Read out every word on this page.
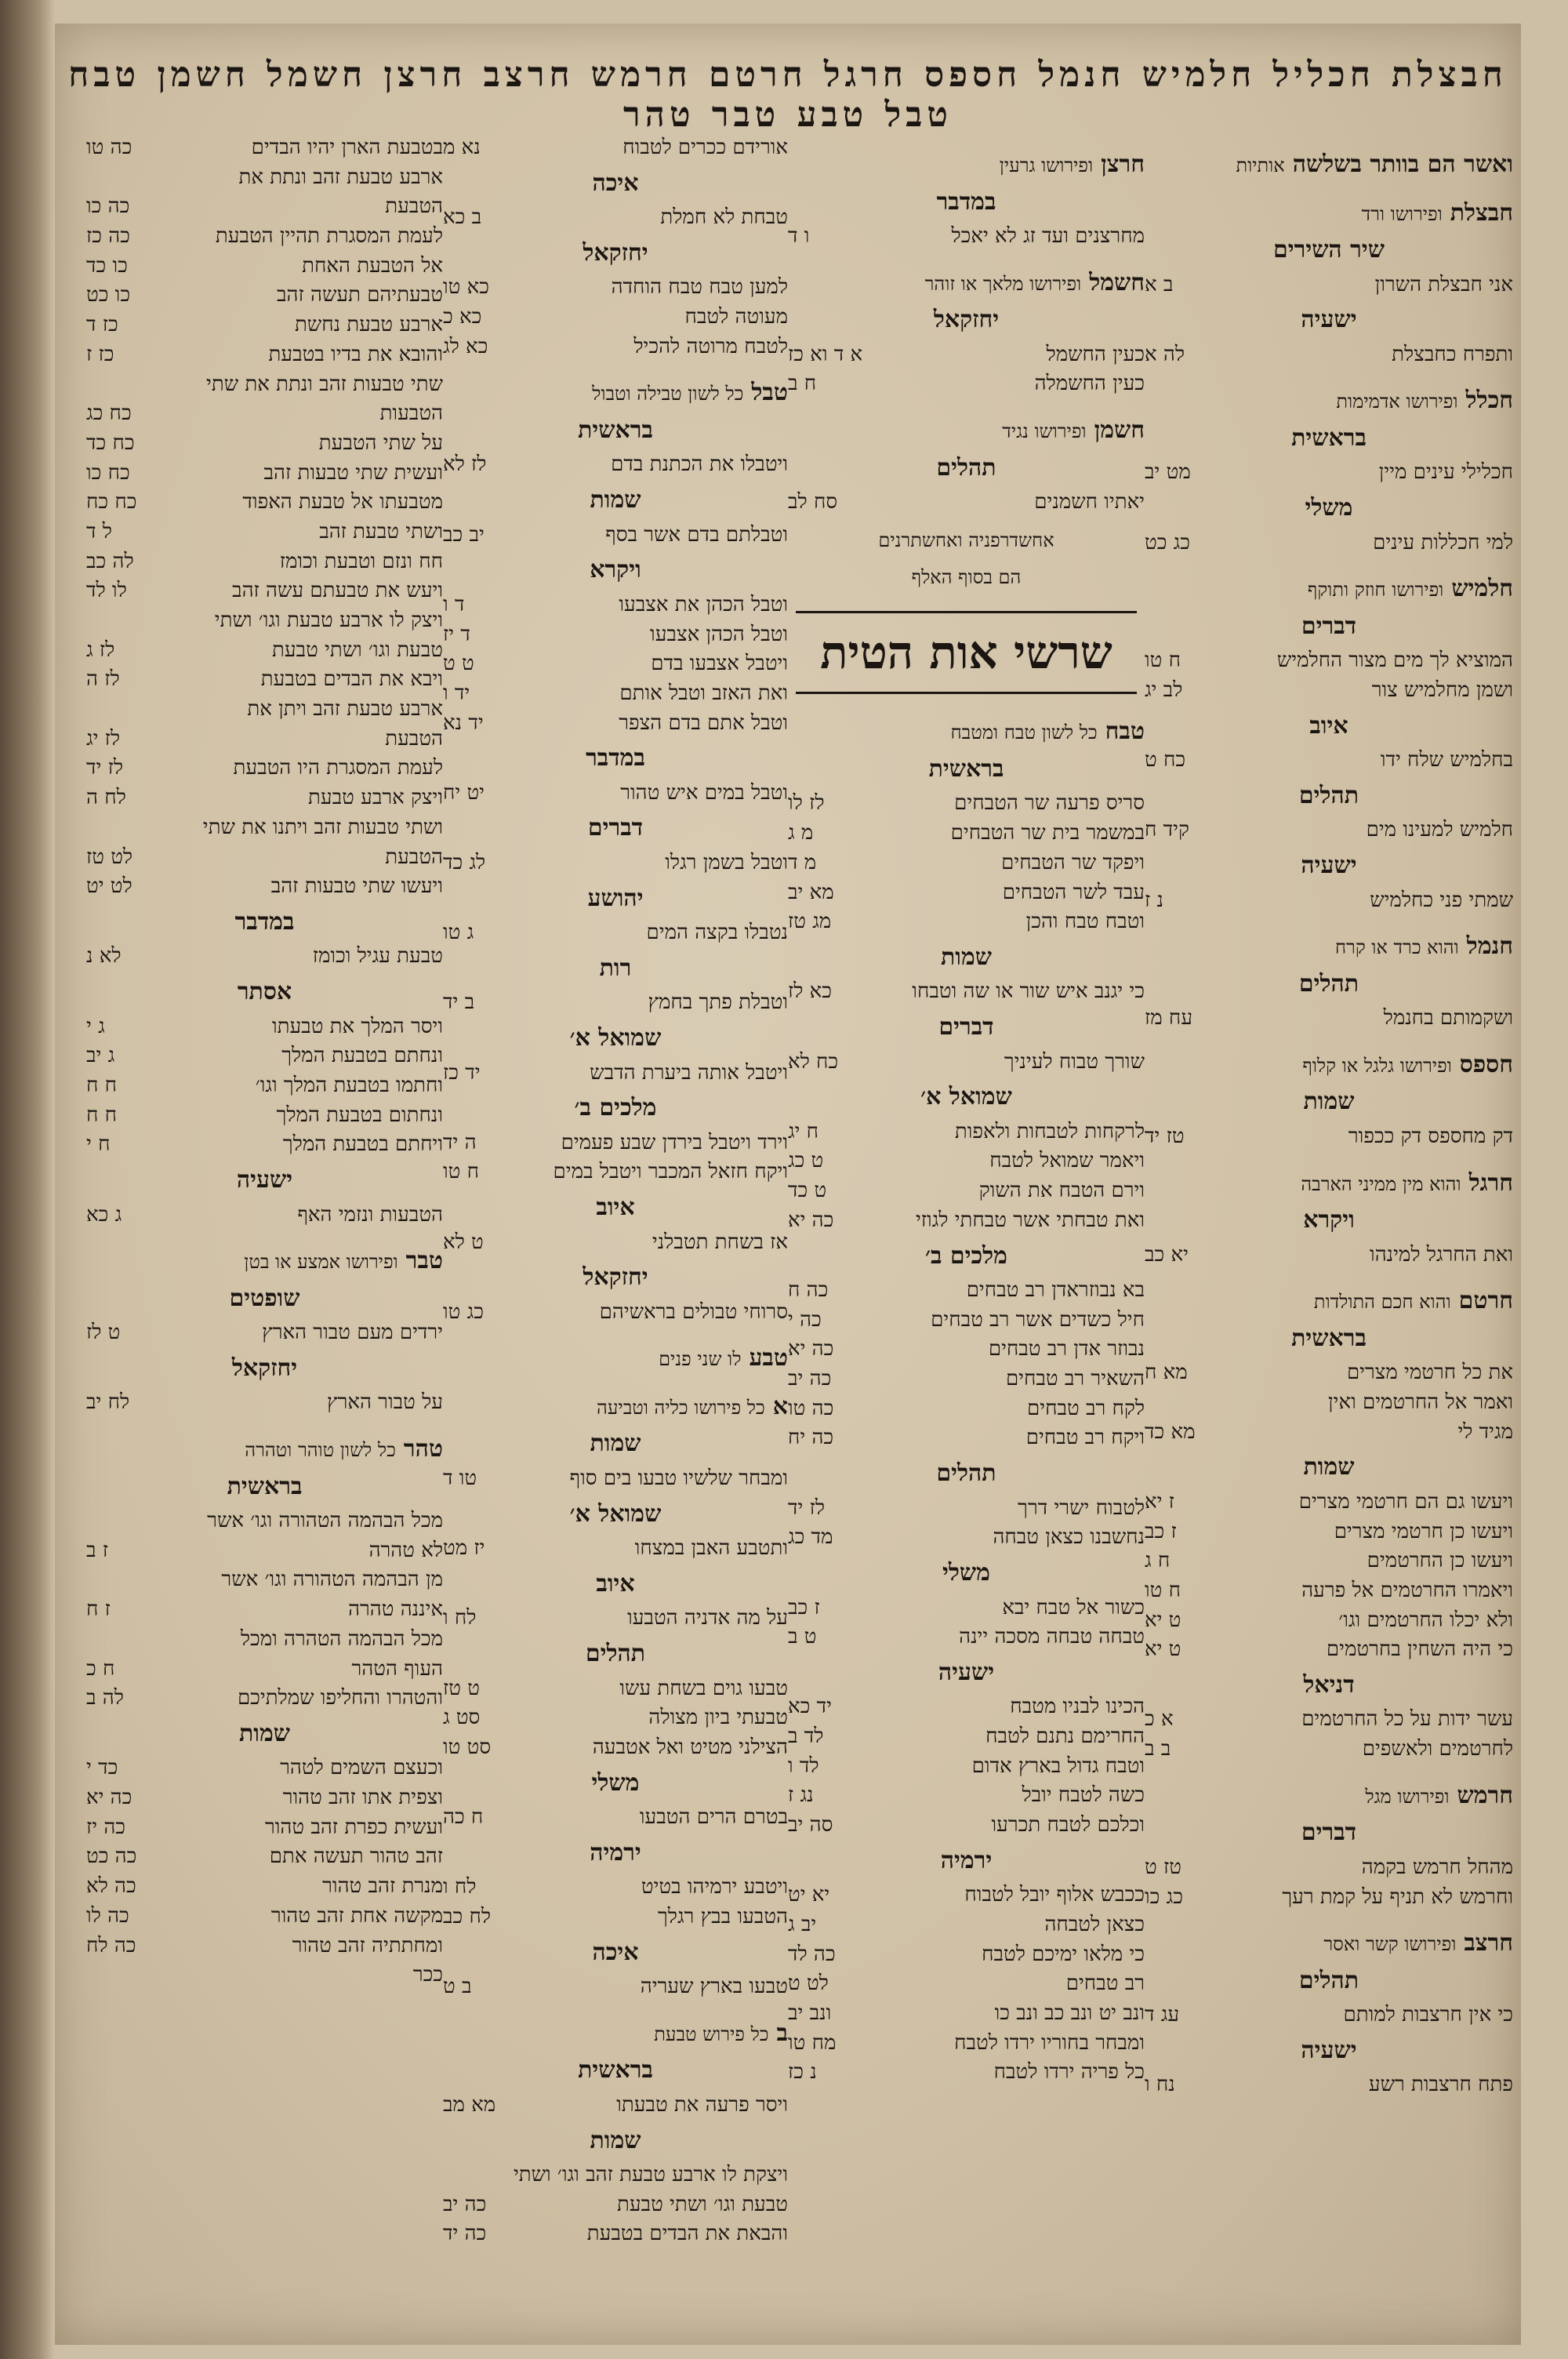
חבצלת חכליל חלמיש חנמל חספס חרגל חרטם חרמש חרצב חרצן חשמל חשמן טבח טבל טבע טבר טהר
ואשר הם בוותר בשלשהאותיות
חבצלתופירושו ורד
שיר השירים
אני חבצלת השרון
ב א
ישעיה
ותפרח כחבצלת
לה א
חכללופירושו אדמימות
בראשית
חכלילי עינים מיין
מט יב
משלי
למי חכללות עינים
כג כט
חלמישופירושו חוזק ותוקף
דברים
המוציא לך מים מצור החלמיש
ח טו
ושמן מחלמיש צור
לב יג
איוב
בחלמיש שלח ידו
כח ט
תהלים
חלמיש למעינו מים
קיד ח
ישעיה
שמתי פני כחלמיש
נ ז
חנמלוהוא כרד או קרח
תהלים
ושקמותם בחנמל
עח מז
חספסופירושו גלגל או קלוף
שמות
דק מחספס דק ככפור
טז יד
חרגלוהוא מין ממיני הארבה
ויקרא
ואת החרגל למינהו
יא כב
חרטםוהוא חכם התולדות
בראשית
את כל חרטמי מצרים
מא ח
ואמר אל החרטמים ואין
מגיד לי
מא כד
שמות
ויעשו גם הם חרטמי מצרים
ז יא
ויעשו כן חרטמי מצרים
ז כב
ויעשו כן החרטמים
ח ג
ויאמרו החרטמים אל פרעה
ח טו
ולא יכלו החרטמים וגו׳
ט יא
כי היה השחין בחרטמים
ט יא
דניאל
עשר ידות על כל החרטמים
א כ
לחרטמים ולאשפים
ב ב
חרמשופירושו מגל
דברים
מהחל חרמש בקמה
טז ט
וחרמש לא תניף על קמת רעך
כג כו
חרצבופירושו קשר ואסר
תהלים
כי אין חרצבות למותם
עג ד
ישעיה
פתח חרצבות רשע
נח ו
חרצןופירושו גרעין
במדבר
מחרצנים ועד זג לא יאכל
ו ד
חשמלופירושו מלאך או זוהר
יחזקאל
כעין החשמל
א ד וא כז
כעין החשמלה
ח ב
חשמןופירושו נגיד
תהלים
יאתיו חשמנים
סח לב
אחשדרפניה ואחשתרנים
הם בסוף האלף
שרשי אות הטית
טבחכל לשון טבח ומטבח
בראשית
סריס פרעה שר הטבחים
לז לו
במשמר בית שר הטבחים
מ ג
ויפקד שר הטבחים
מ ד
עבד לשר הטבחים
מא יב
וטבח טבח והכן
מג טז
שמות
כי יגנב איש שור או שה וטבחו
כא לז
דברים
שורך טבוח לעיניך
כח לא
שמואל א׳
לרקחות לטבחות ולאפות
ח יג
ויאמר שמואל לטבח
ט כג
וירם הטבח את השוק
ט כד
ואת טבחתי אשר טבחתי לגוזי
כה יא
מלכים ב׳
בא נבוזראדן רב טבחים
כה ח
חיל כשדים אשר רב טבחים
כה י
נבוזר אדן רב טבחים
כה יא
השאיר רב טבחים
כה יב
לקח רב טבחים
כה טו
ויקח רב טבחים
כה יח
תהלים
לטבוח ישרי דרך
לז יד
נחשבנו כצאן טבחה
מד כג
משלי
כשור אל טבח יבא
ז כב
טבחה טבחה מסכה יינה
ט ב
ישעיה
הכינו לבניו מטבח
יד כא
החרימם נתנם לטבח
לד ב
וטבח גדול בארץ אדום
לד ו
כשה לטבח יובל
נג ז
וכלכם לטבח תכרעו
סה יב
ירמיה
ככבש אלוף יובל לטבוח
יא יט
כצאן לטבחה
יב ג
כי מלאו ימיכם לטבח
כה לד
רב טבחים
לט ט
ונב יט ונב כב ונב כו
ונב יב
ומבחר בחוריו ירדו לטבח
מח טו
כל פריה ירדו לטבח
נ כז
אורידם ככרים לטבוח
נא מ
איכה
טבחת לא חמלת
ב כא
יחזקאל
למען טבח טבח הוחדה
כא טו
מעוטה לטבח
כא כ
לטבח מרוטה להכיל
כא לג
טבלכל לשון טבילה וטבול
בראשית
ויטבלו את הכתנת בדם
לז לא
שמות
וטבלתם בדם אשר בסף
יב כב
ויקרא
וטבל הכהן את אצבעו
ד ו
וטבל הכהן אצבעו
ד יז
ויטבל אצבעו בדם
ט ט
ואת האזב וטבל אותם
יד ו
וטבל אתם בדם הצפר
יד נא
במדבר
וטבל במים איש טהור
יט יח
דברים
וטבל בשמן רגלו
לג כד
יהושע
נטבלו בקצה המים
ג טו
רות
וטבלת פתך בחמץ
ב יד
שמואל א׳
ויטבל אותה ביערת הדבש
יד כז
מלכים ב׳
וירד ויטבל בירדן שבע פעמים
ה יד
ויקח חזאל המכבר ויטבל במים
ח טו
איוב
אז בשחת תטבלני
ט לא
יחזקאל
סרוחי טבולים בראשיהם
כג טו
טבעלו שני פנים
אכל פירושו כליה וטביעה
שמות
ומבחר שלשיו טבעו בים סוף
טו ד
שמואל א׳
ותטבע האבן במצחו
יז מט
איוב
על מה אדניה הטבעו
לח ו
תהלים
טבעו גוים בשחת עשו
ט טז
טבעתי ביון מצולה
סט ג
הצילני מטיט ואל אטבעה
סט טו
משלי
בטרם הרים הטבעו
ח כה
ירמיה
ויטבע ירמיהו בטיט
לח ו
הטבעו בבץ רגלך
לח כב
איכה
טבעו בארץ שעריה
ב ט
בכל פירוש טבעת
בראשית
ויסר פרעה את טבעתו
מא מב
שמות
ויצקת לו ארבע טבעת זהב וגו׳ ושתי
טבעת וגו׳ ושתי טבעת
כה יב
והבאת את הבדים בטבעת
כה יד
בטבעת הארן יהיו הבדים
כה טו
ארבע טבעת זהב ונתת את
הטבעת
כה כו
לעמת המסגרת תהיין הטבעת
כה כז
אל הטבעת האחת
כו כד
טבעתיהם תעשה זהב
כו כט
ארבע טבעת נחשת
כז ד
והובא את בדיו בטבעת
כז ז
שתי טבעות זהב ונתת את שתי
הטבעות
כח כג
על שתי הטבעת
כח כד
ועשית שתי טבעות זהב
כח כו
מטבעתו אל טבעת האפוד
כח כח
ושתי טבעת זהב
ל ד
חח ונזם וטבעת וכומז
לה כב
ויעש את טבעתם עשה זהב
לו לד
ויצק לו ארבע טבעת וגו׳ ושתי
טבעת וגו׳ ושתי טבעת
לז ג
ויבא את הבדים בטבעת
לז ה
ארבע טבעת זהב ויתן את
הטבעת
לז יג
לעמת המסגרת היו הטבעת
לז יד
ויצק ארבע טבעת
לח ה
ושתי טבעות זהב ויתנו את שתי
הטבעת
לט טז
ויעשו שתי טבעות זהב
לט יט
במדבר
טבעת עגיל וכומז
לא נ
אסתר
ויסר המלך את טבעתו
ג י
ונחתם בטבעת המלך
ג יב
וחתמו בטבעת המלך וגו׳
ח ח
ונחתום בטבעת המלך
ח ח
ויחתם בטבעת המלך
ח י
ישעיה
הטבעות ונזמי האף
ג כא
טברופירושו אמצע או בטן
שופטים
ירדים מעם טבור הארץ
ט לז
יחזקאל
על טבור הארץ
לח יב
טהרכל לשון טוהר וטהרה
בראשית
מכל הבהמה הטהורה וגו׳ אשר
לא טהרה
ז ב
מן הבהמה הטהורה וגו׳ אשר
איננה טהרה
ז ח
מכל הבהמה הטהרה ומכל
העוף הטהר
ח כ
והטהרו והחליפו שמלתיכם
לה ב
שמות
וכעצם השמים לטהר
כד י
וצפית אתו זהב טהור
כה יא
ועשית כפרת זהב טהור
כה יז
זהב טהור תעשה אתם
כה כט
מנרת זהב טהור
כה לא
מקשה אחת זהב טהור
כה לו
ומחתתיה זהב טהור
כה לח
ככר
